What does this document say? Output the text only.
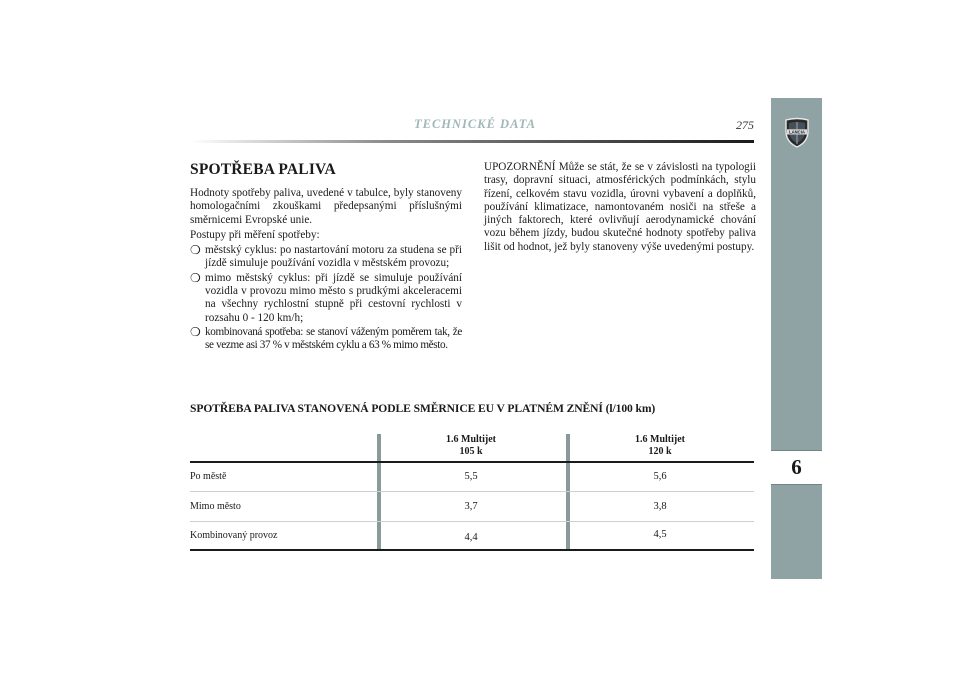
TECHNICKÉ DATA	275
LANCIA
6
SPOTŘEBA PALIVA

Hodnoty spotřeby paliva, uvedené v tabulce, byly stanoveny homologačními zkouškami předepsanými příslušnými směrnicemi Evropské unie.

Postupy při měření spotřeby:

❍ městský cyklus: po nastartování motoru za studena se při jízdě simuluje používání vozidla v městském provozu;
❍ mimo městský cyklus: při jízdě se simuluje používání vozidla v provozu mimo město s prudkými akceleracemi na všechny rychlostní stupně při cestovní rychlosti v rozsahu 0 - 120 km/h;
❍ kombinovaná spotřeba: se stanoví váženým poměrem tak, že se vezme asi 37 % v městském cyklu a 63 % mimo město.

UPOZORNĚNÍ Může se stát, že se v závislosti na typologii trasy, dopravní situaci, atmosférických podmínkách, stylu řízení, celkovém stavu vozidla, úrovni vybavení a doplňků, používání klimatizace, namontovaném nosiči na střeše a jiných faktorech, které ovlivňují aerodynamické chování vozu během jízdy, budou skutečné hodnoty spotřeby paliva lišit od hodnot, jež byly stanoveny výše uvedenými postupy.

SPOTŘEBA PALIVA STANOVENÁ PODLE SMĚRNICE EU V PLATNÉM ZNĚNÍ (l/100 km)
1.6 Multijet
105 k
1.6 Multijet
120 k
Po městě	5,5	5,6
Mimo město	3,7	3,8
Kombinovaný provoz	4,4	4,5
